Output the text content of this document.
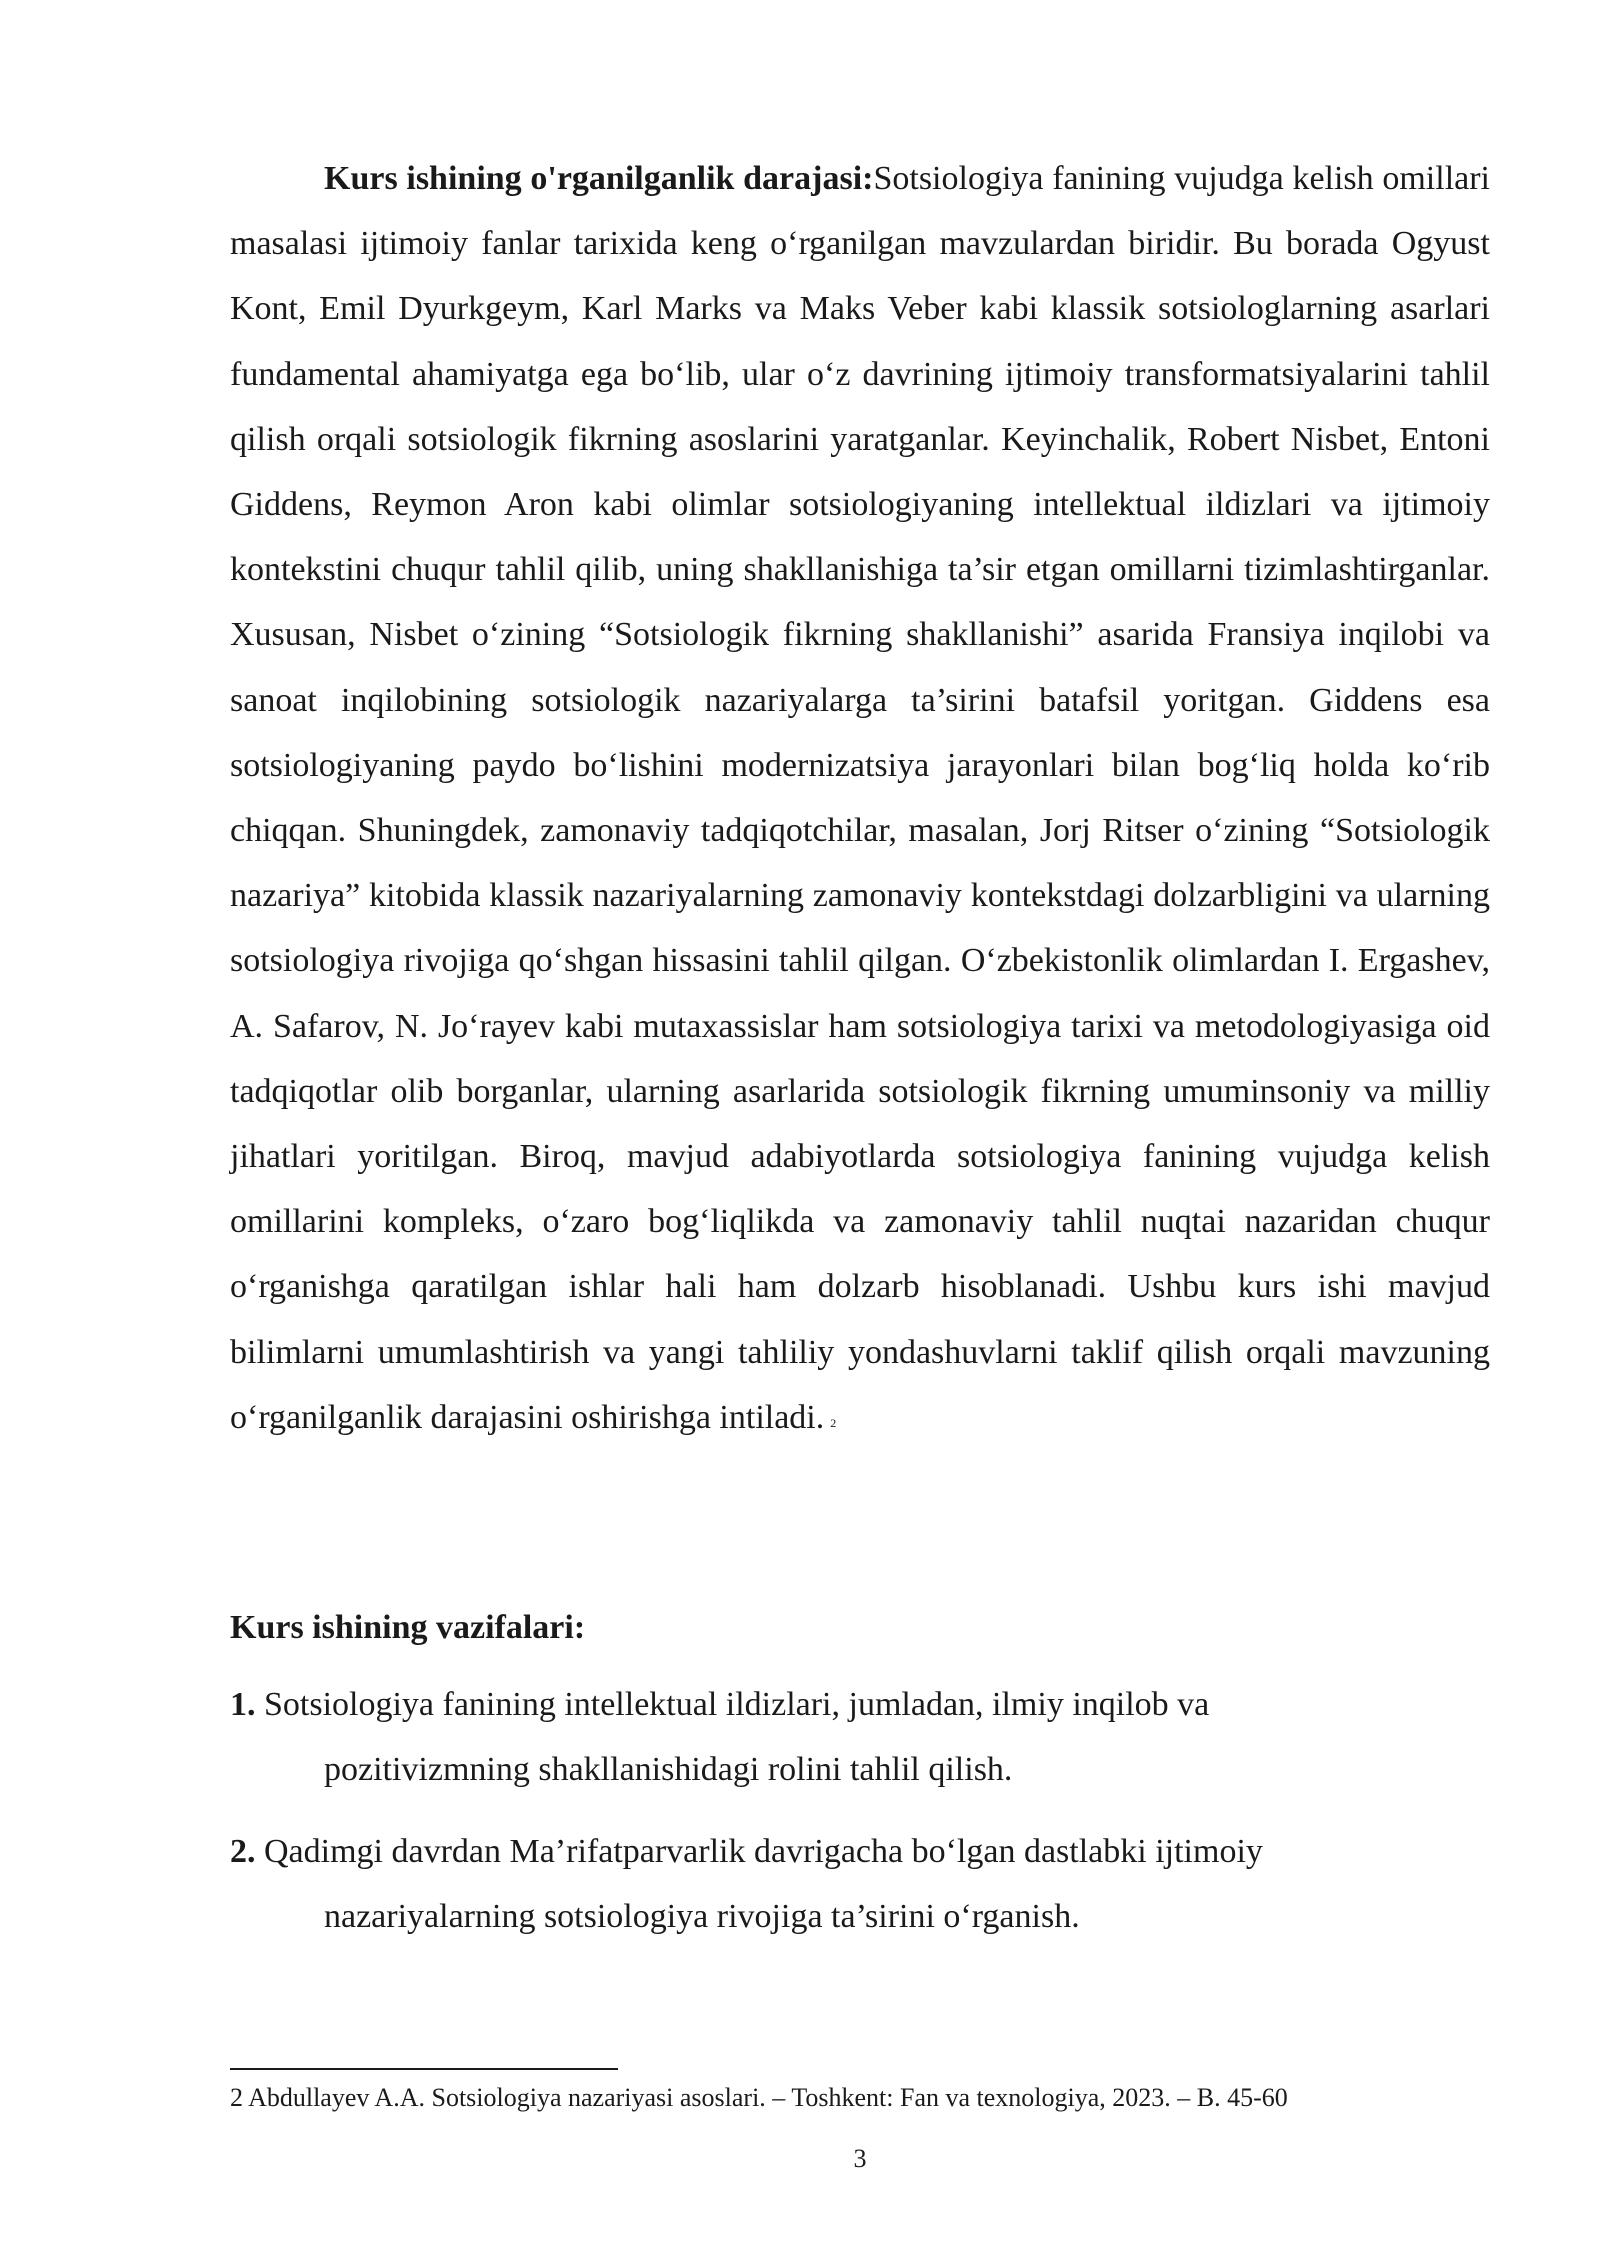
Kurs ishining o'rganilganlik darajasi:Sotsiologiya fanining vujudga kelish omillari masalasi ijtimoiy fanlar tarixida keng o‘rganilgan mavzulardan biridir. Bu borada Ogyust Kont, Emil Dyurkgeym, Karl Marks va Maks Veber kabi klassik sotsiologlarning asarlari fundamental ahamiyatga ega bo‘lib, ular o‘z davrining ijtimoiy transformatsiyalarini tahlil qilish orqali sotsiologik fikrning asoslarini yaratganlar. Keyinchalik, Robert Nisbet, Entoni Giddens, Reymon Aron kabi olimlar sotsiologiyaning intellektual ildizlari va ijtimoiy kontekstini chuqur tahlil qilib, uning shakllanishiga ta’sir etgan omillarni tizimlashtirganlar. Xususan, Nisbet o‘zining “Sotsiologik fikrning shakllanishi” asarida Fransiya inqilobi va sanoat inqilobining sotsiologik nazariyalarga ta’sirini batafsil yoritgan. Giddens esa sotsiologiyaning paydo bo‘lishini modernizatsiya jarayonlari bilan bog‘liq holda ko‘rib chiqqan. Shuningdek, zamonaviy tadqiqotchilar, masalan, Jorj Ritser o‘zining “Sotsiologik nazariya” kitobida klassik nazariyalarning zamonaviy kontekstdagi dolzarbligini va ularning sotsiologiya rivojiga qo‘shgan hissasini tahlil qilgan. O‘zbekistonlik olimlardan I. Ergashev, A. Safarov, N. Jo‘rayev kabi mutaxassislar ham sotsiologiya tarixi va metodologiyasiga oid tadqiqotlar olib borganlar, ularning asarlarida sotsiologik fikrning umuminsoniy va milliy jihatlari yoritilgan. Biroq, mavjud adabiyotlarda sotsiologiya fanining vujudga kelish omillarini kompleks, o‘zaro bog‘liqlikda va zamonaviy tahlil nuqtai nazaridan chuqur o‘rganishga qaratilgan ishlar hali ham dolzarb hisoblanadi. Ushbu kurs ishi mavjud bilimlarni umumlashtirish va yangi tahliliy yondashuvlarni taklif qilish orqali mavzuning o‘rganilganlik darajasini oshirishga intiladi. $^2$

Kurs ishining vazifalari:

1. Sotsiologiya fanining intellektual ildizlari, jumladan, ilmiy inqilob va
pozitivizmning shakllanishidagi rolini tahlil qilish.

2. Qadimgi davrdan Ma’rifatparvarlik davrigacha bo‘lgan dastlabki ijtimoiy
nazariyalarning sotsiologiya rivojiga ta’sirini o‘rganish.

2 Abdullayev A.A. Sotsiologiya nazariyasi asoslari. – Toshkent: Fan va texnologiya, 2023. – B. 45-60

3
